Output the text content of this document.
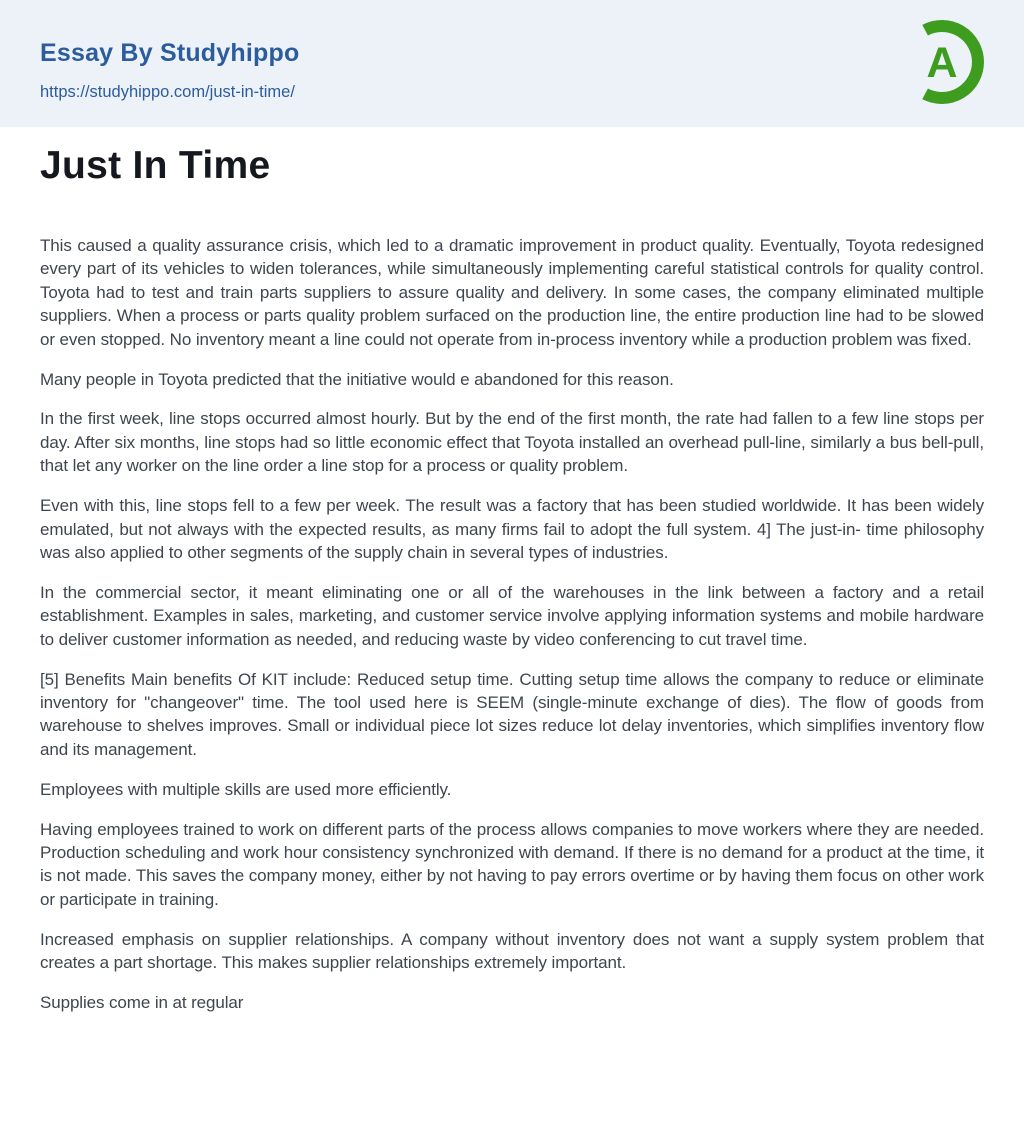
Essay By Studyhippo
https://studyhippo.com/just-in-time/
A
Just In Time

This caused a quality assurance crisis, which led to a dramatic improvement in product quality. Eventually, Toyota redesigned every part of its vehicles to widen tolerances, while simultaneously implementing careful statistical controls for quality control. Toyota had to test and train parts suppliers to assure quality and delivery. In some cases, the company eliminated multiple suppliers. When a process or parts quality problem surfaced on the production line, the entire production line had to be slowed or even stopped. No inventory meant a line could not operate from in-process inventory while a production problem was fixed.

Many people in Toyota predicted that the initiative would e abandoned for this reason.

In the first week, line stops occurred almost hourly. But by the end of the first month, the rate had fallen to a few line stops per day. After six months, line stops had so little economic effect that Toyota installed an overhead pull-line, similarly a bus bell-pull, that let any worker on the line order a line stop for a process or quality problem.

Even with this, line stops fell to a few per week. The result was a factory that has been studied worldwide. It has been widely emulated, but not always with the expected results, as many firms fail to adopt the full system. 4] The just-in- time philosophy was also applied to other segments of the supply chain in several types of industries.

In the commercial sector, it meant eliminating one or all of the warehouses in the link between a factory and a retail establishment. Examples in sales, marketing, and customer service involve applying information systems and mobile hardware to deliver customer information as needed, and reducing waste by video conferencing to cut travel time.

[5] Benefits Main benefits Of KIT include: Reduced setup time. Cutting setup time allows the company to reduce or eliminate inventory for "changeover" time. The tool used here is SEEM (single-minute exchange of dies). The flow of goods from warehouse to shelves improves. Small or individual piece lot sizes reduce lot delay inventories, which simplifies inventory flow and its management.

Employees with multiple skills are used more efficiently.

Having employees trained to work on different parts of the process allows companies to move workers where they are needed. Production scheduling and work hour consistency synchronized with demand. If there is no demand for a product at the time, it is not made. This saves the company money, either by not having to pay errors overtime or by having them focus on other work or participate in training.

Increased emphasis on supplier relationships. A company without inventory does not want a supply system problem that creates a part shortage. This makes supplier relationships extremely important.

Supplies come in at regular
